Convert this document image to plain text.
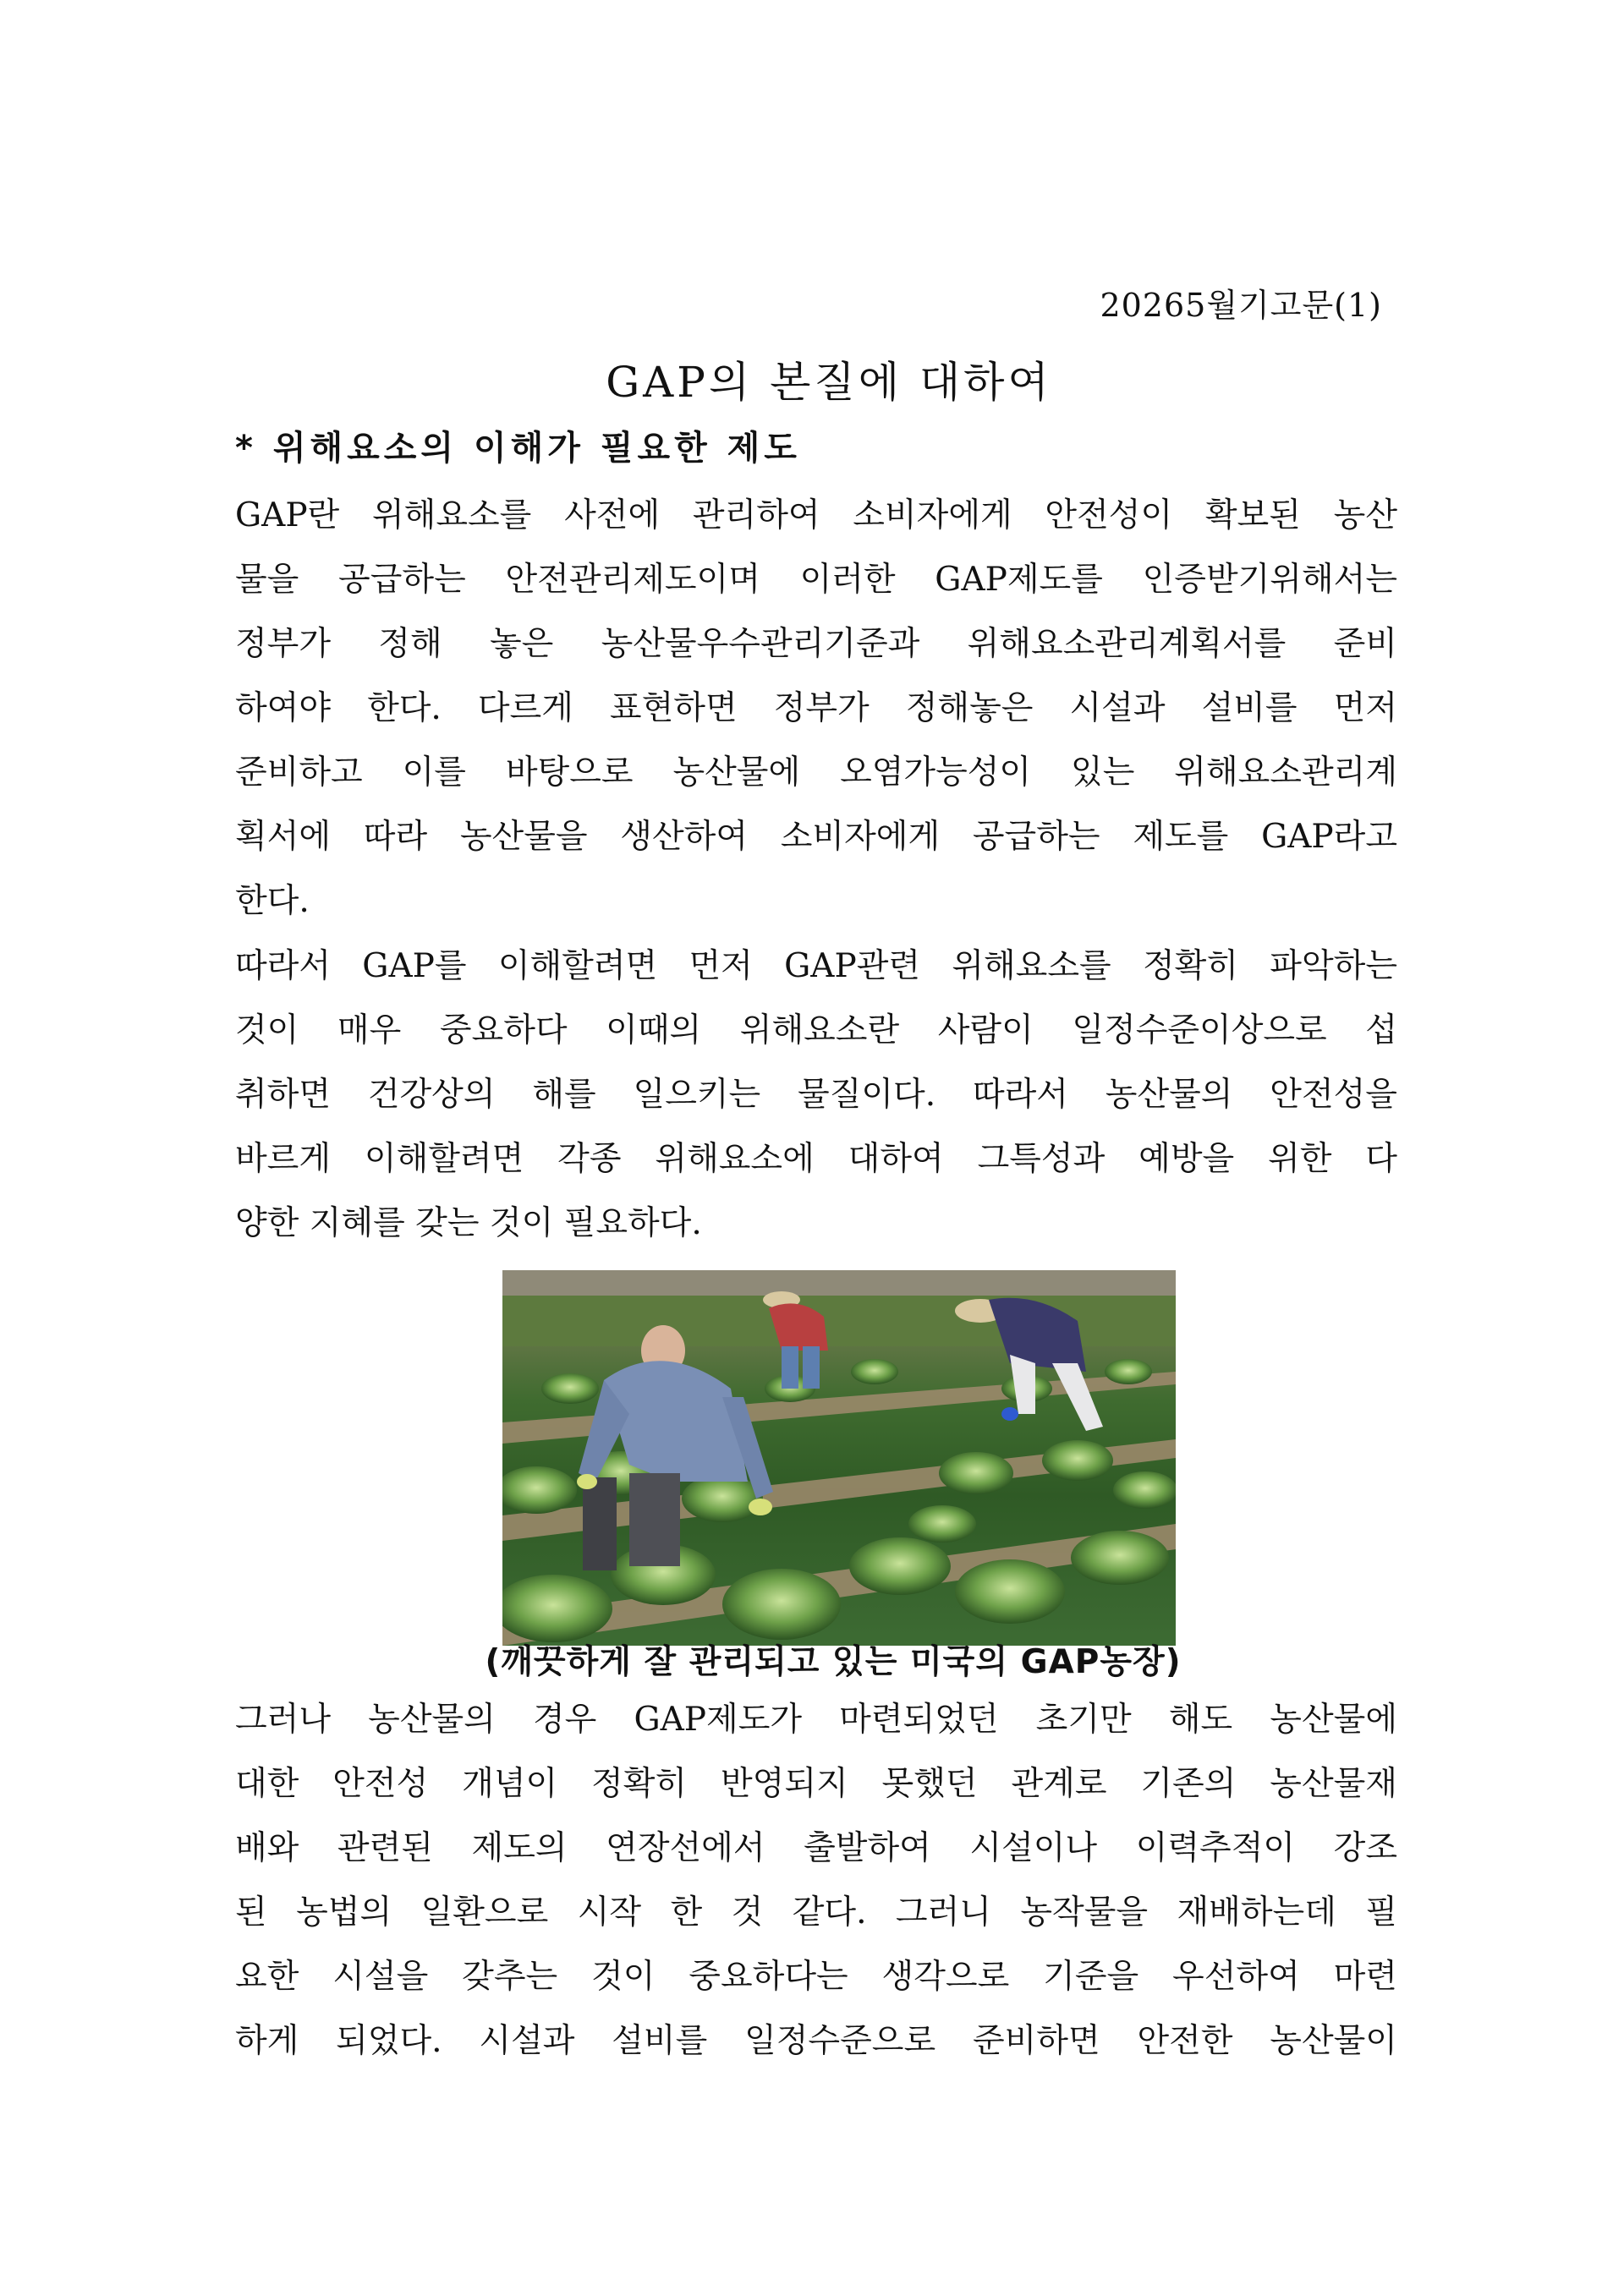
20265월기고문(1)
GAP의 본질에 대하여
* 위해요소의 이해가 필요한 제도
GAP란 위해요소를 사전에 관리하여 소비자에게 안전성이 확보된 농산
물을 공급하는 안전관리제도이며 이러한 GAP제도를 인증받기위해서는
정부가 정해 놓은 농산물우수관리기준과 위해요소관리계획서를 준비
하여야 한다. 다르게 표현하면 정부가 정해놓은 시설과 설비를 먼저
준비하고 이를 바탕으로 농산물에 오염가능성이 있는 위해요소관리계
획서에 따라 농산물을 생산하여 소비자에게 공급하는 제도를 GAP라고
한다.
따라서 GAP를 이해할려면 먼저 GAP관련 위해요소를 정확히 파악하는
것이 매우 중요하다 이때의 위해요소란 사람이 일정수준이상으로 섭
취하면 건강상의 해를 일으키는 물질이다. 따라서 농산물의 안전성을
바르게 이해할려면 각종 위해요소에 대하여 그특성과 예방을 위한 다
양한 지혜를 갖는 것이 필요하다.
(깨끗하게 잘 관리되고 있는 미국의 GAP농장)
그러나 농산물의 경우 GAP제도가 마련되었던 초기만 해도 농산물에
대한 안전성 개념이 정확히 반영되지 못했던 관계로 기존의 농산물재
배와 관련된 제도의 연장선에서 출발하여 시설이나 이력추적이 강조
된 농법의 일환으로 시작 한 것 같다. 그러니 농작물을 재배하는데 필
요한 시설을 갖추는 것이 중요하다는 생각으로 기준을 우선하여 마련
하게 되었다. 시설과 설비를 일정수준으로 준비하면 안전한 농산물이
